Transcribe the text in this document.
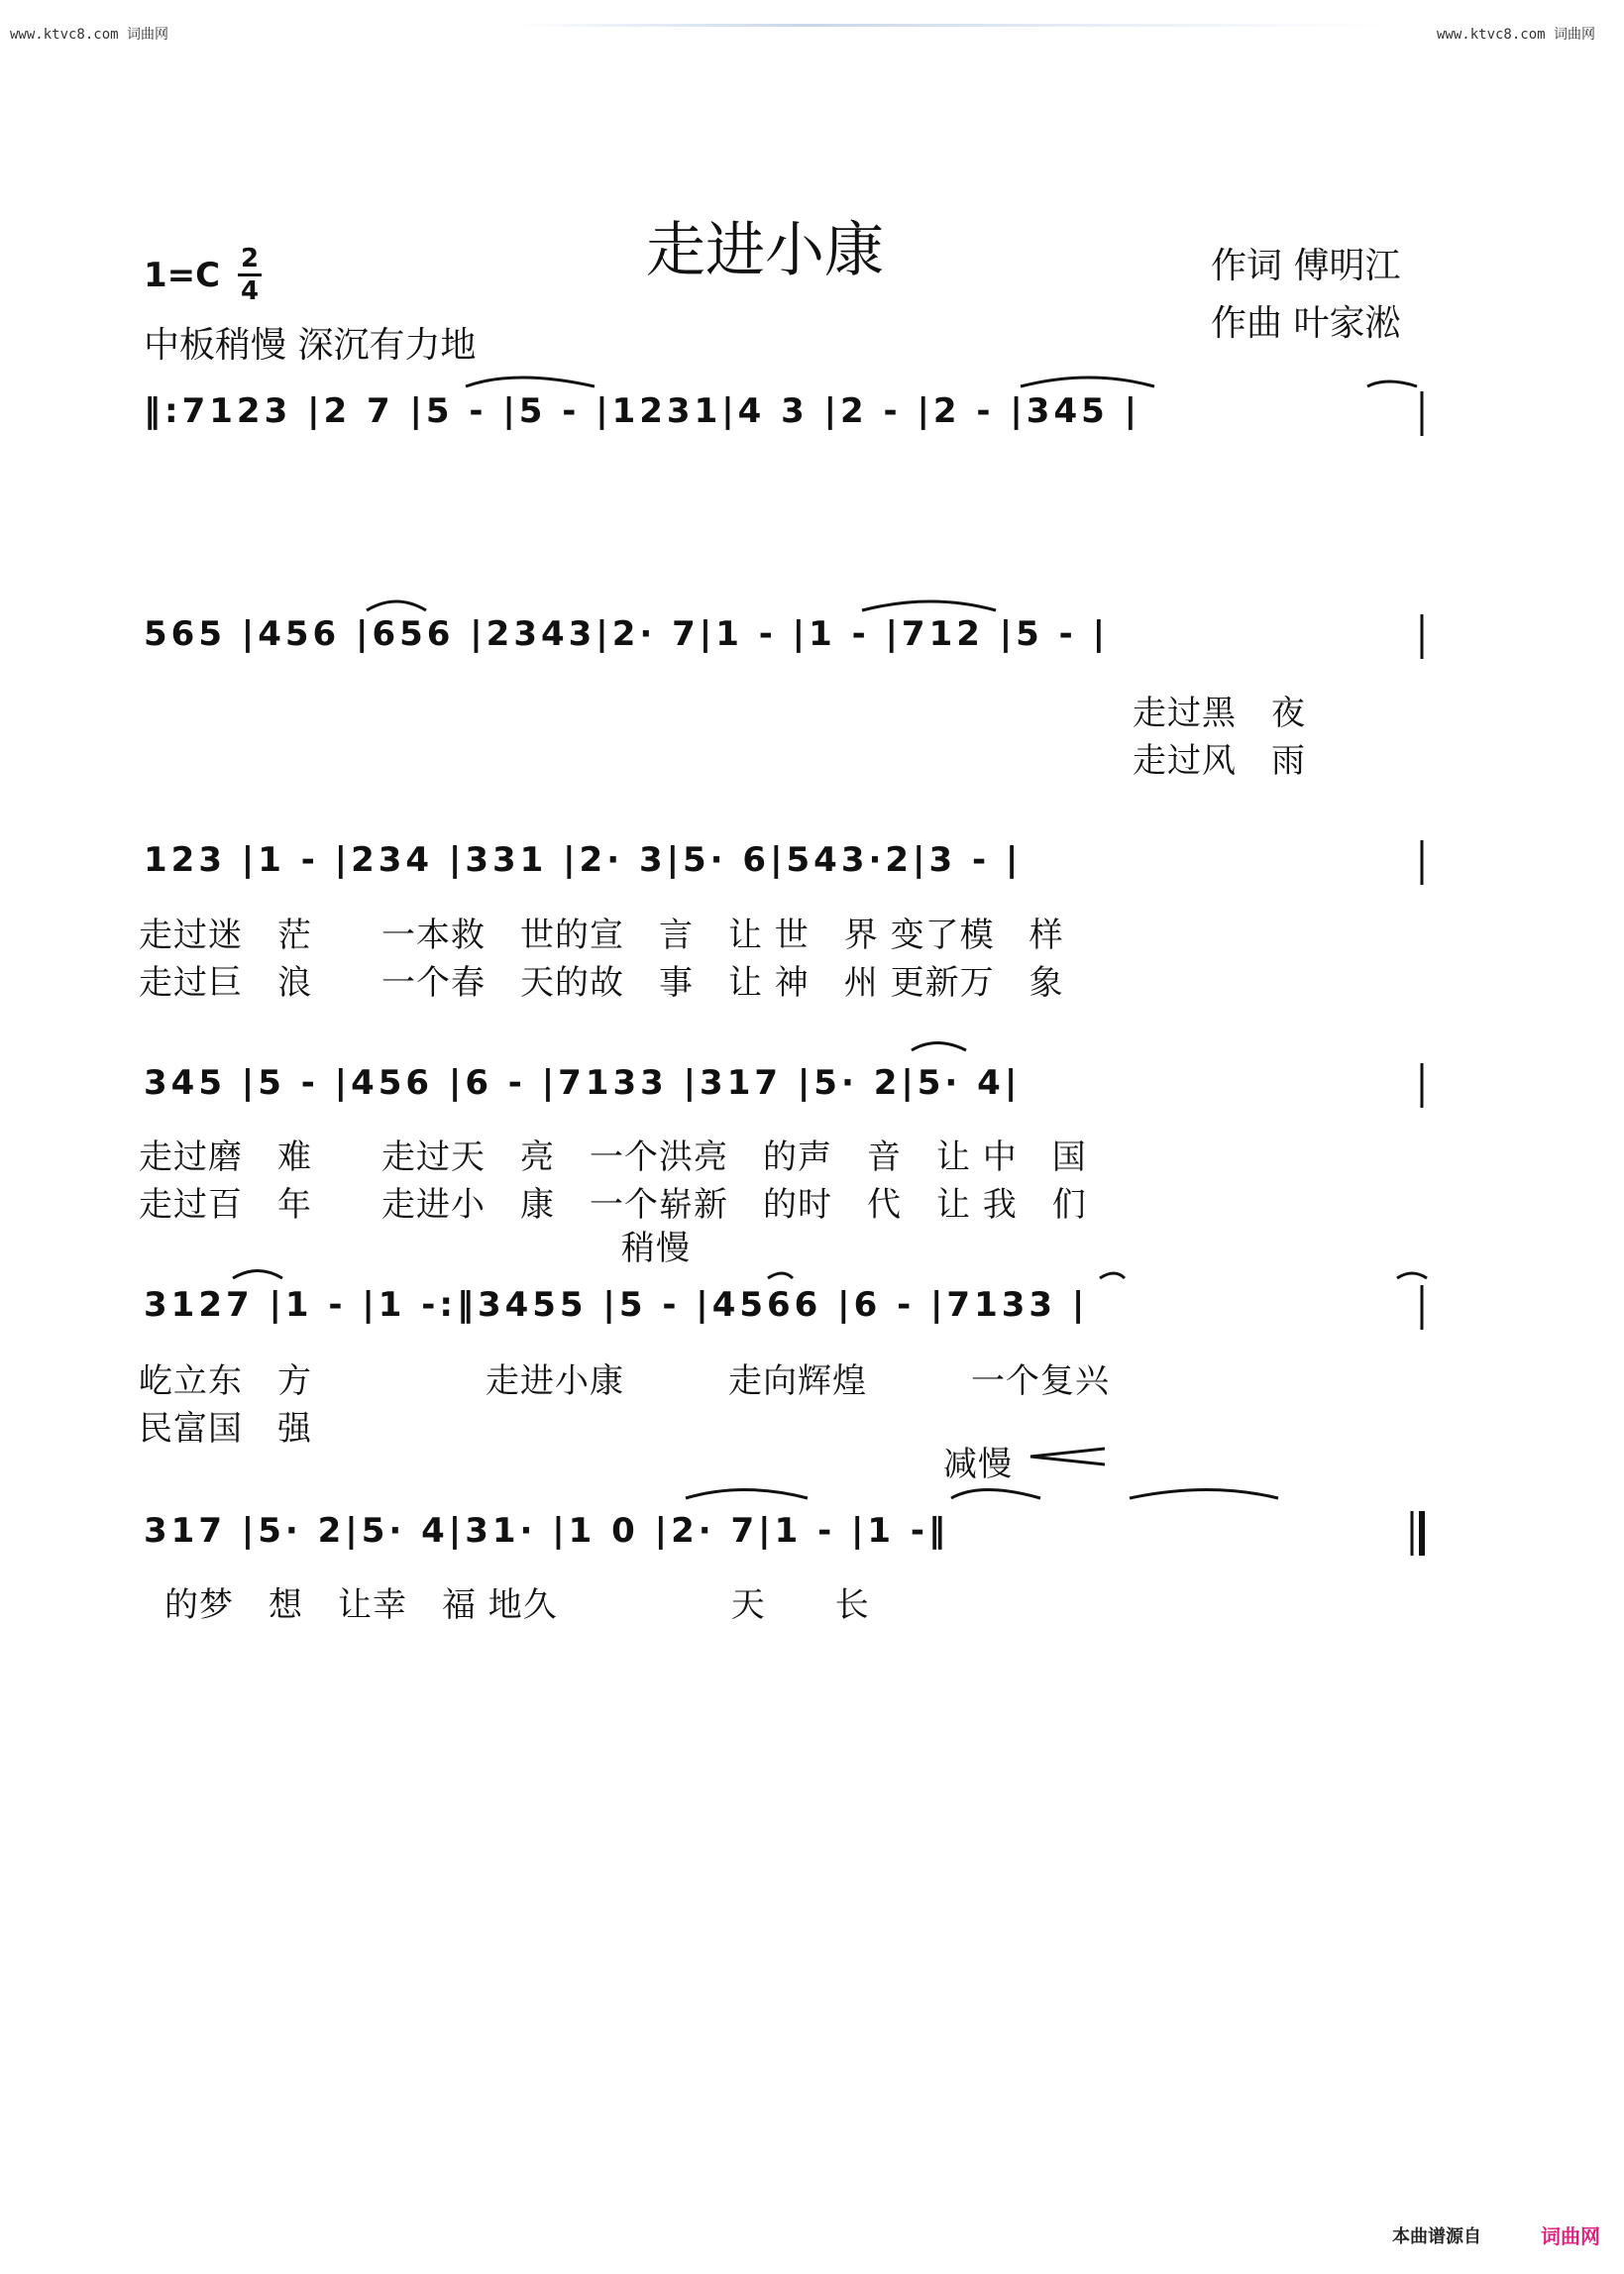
www.ktvc8.com 词曲网	www.ktvc8.com 词曲网
走进小康
1=C 2
4
中板稍慢 深沉有力地
作词 傅明江
作曲 叶家淞
‖:7123 |2 7 |5 - |5 - |1231|4 3 |2 - |2 - |345 |
565 |456 |656 |2343|2· 7|1 - |1 - |712 |5 - |
走过黑　夜
走过风　雨
123 |1 - |234 |331 |2· 3|5· 6|543·2|3 - |
走过迷　茫　　一本救　世的宣　言　让 世　界 变了模　样
走过巨　浪　　一个春　天的故　事　让 神　州 更新万　象
345 |5 - |456 |6 - |7133 |317 |5· 2|5· 4|
走过磨　难　　走过天　亮　一个洪亮　的声　音　让 中　国
走过百　年　　走进小　康　一个崭新　的时　代　让 我　们
稍慢
3127 |1 - |1 -:‖3455 |5 - |4566 |6 - |7133 |
屹立东　方　　　　　走进小康　　　走向辉煌　　　一个复兴
民富国　强
减慢
317 |5· 2|5· 4|31· |1 0 |2· 7|1 - |1 -‖
的梦　想　让幸　福 地久　　　　　天　　长
本曲谱源自	词曲网
